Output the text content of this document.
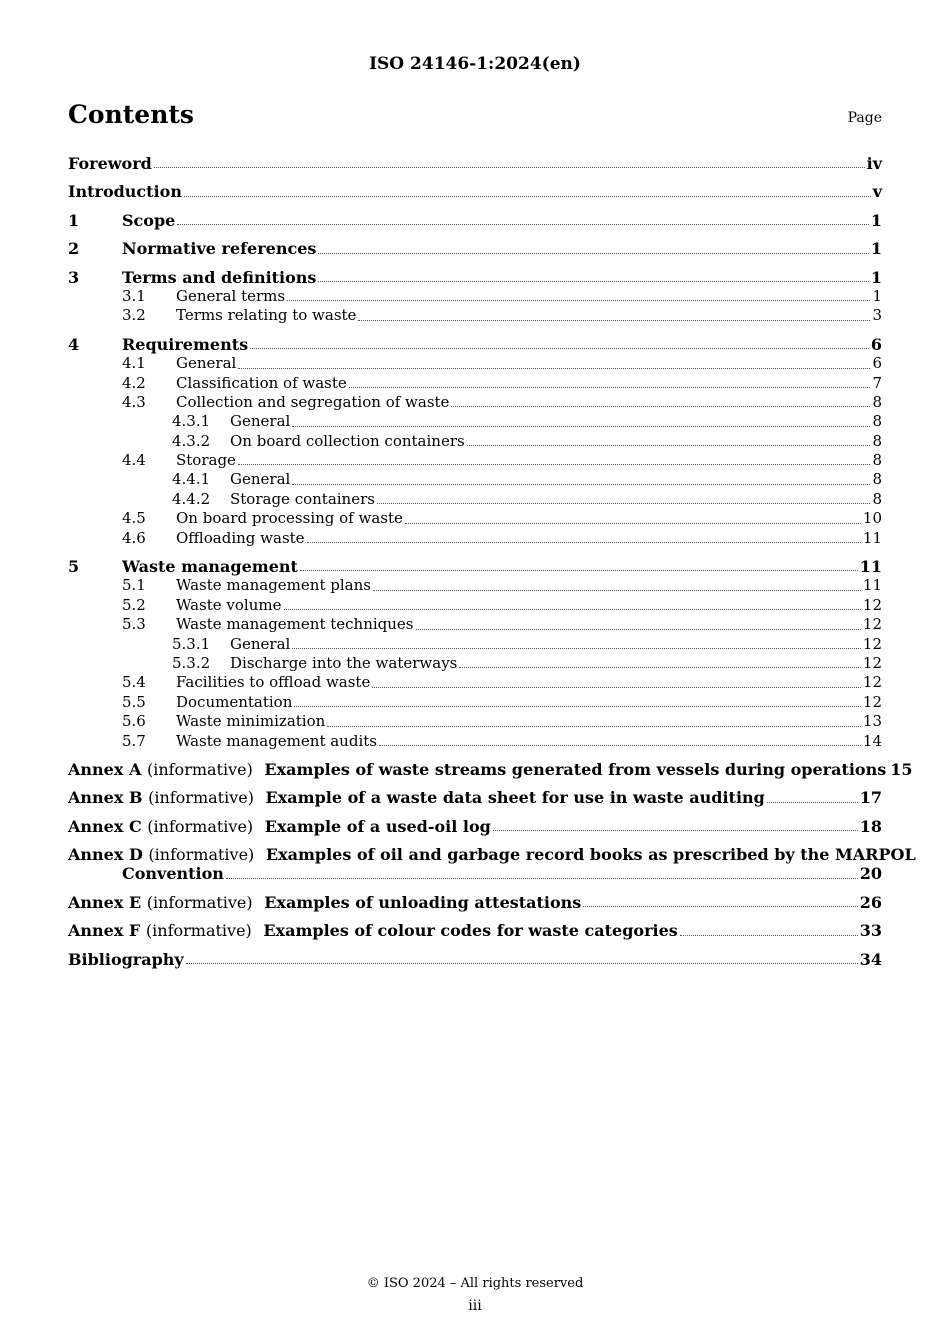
ISO 24146-1:2024(en)
Contents	Page
Foreword	iv
Introduction	v
1	Scope	1
2	Normative references	1
3	Terms and definitions	1
3.1	General terms	1
3.2	Terms relating to waste	3
4	Requirements	6
4.1	General	6
4.2	Classification of waste	7
4.3	Collection and segregation of waste	8
4.3.1	General	8
4.3.2	On board collection containers	8
4.4	Storage	8
4.4.1	General	8
4.4.2	Storage containers	8
4.5	On board processing of waste	10
4.6	Offloading waste	11
5	Waste management	11
5.1	Waste management plans	11
5.2	Waste volume	12
5.3	Waste management techniques	12
5.3.1	General	12
5.3.2	Discharge into the waterways	12
5.4	Facilities to offload waste	12
5.5	Documentation	12
5.6	Waste minimization	13
5.7	Waste management audits	14
Annex A (informative) Examples of waste streams generated from vessels during operations 15
Annex B (informative) Example of a waste data sheet for use in waste auditing	17
Annex C (informative) Example of a used-oil log	18
Annex D (informative) Examples of oil and garbage record books as prescribed by the MARPOL
Convention	20
Annex E (informative) Examples of unloading attestations	26
Annex F (informative) Examples of colour codes for waste categories	33
Bibliography	34
© ISO 2024 – All rights reserved
iii
